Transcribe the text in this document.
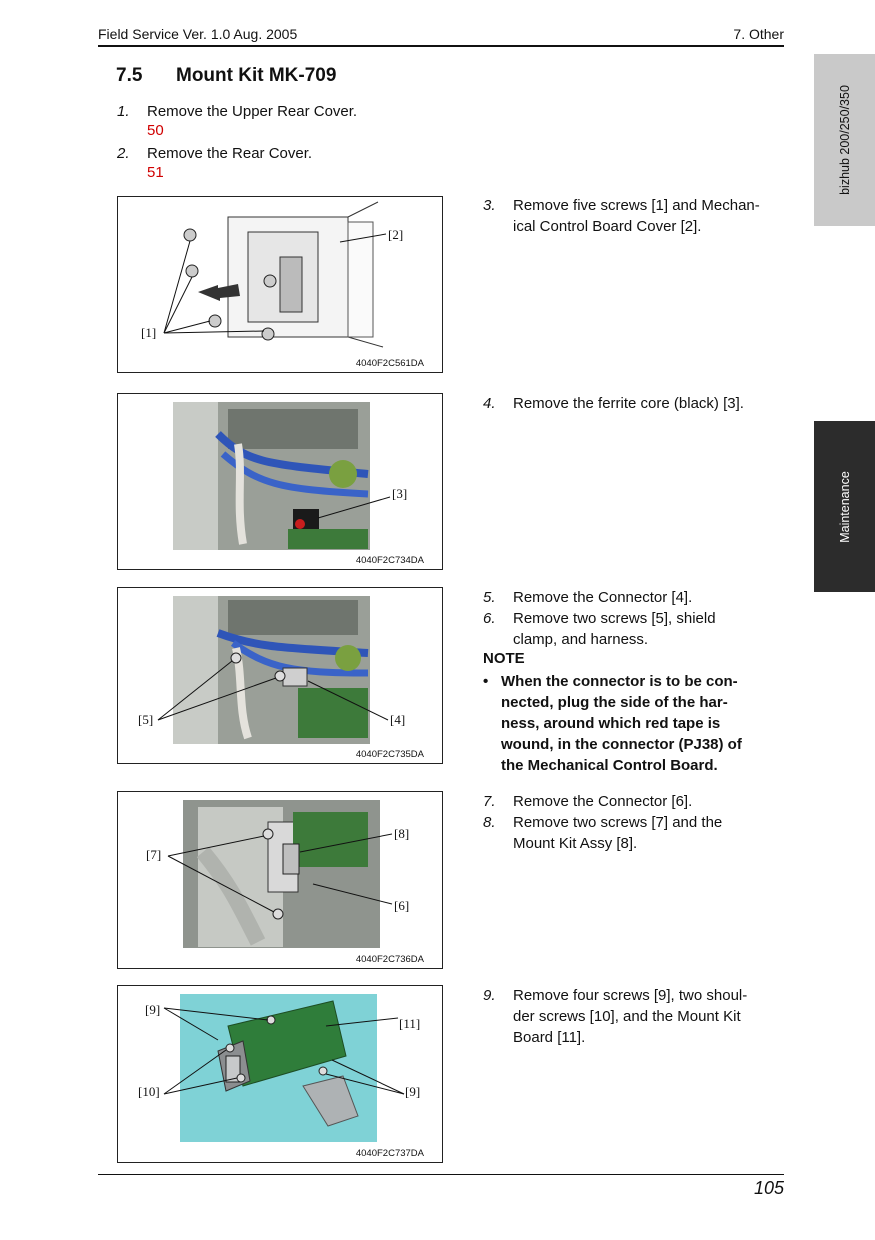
Field Service Ver. 1.0 Aug. 2005	7. Other
bizhub 200/250/350
Maintenance
7.5 Mount Kit MK-709
1. Remove the Upper Rear Cover.
50
2. Remove the Rear Cover.
51
[2]
[1]
4040F2C561DA
3. Remove five screws [1] and Mechan-
ical Control Board Cover [2].
[3]
4040F2C734DA
4. Remove the ferrite core (black) [3].
[5]	[4]
4040F2C735DA
5. Remove the Connector [4].
6. Remove two screws [5], shield
clamp, and harness.
NOTE
• When the connector is to be con-
nected, plug the side of the har-
ness, around which red tape is
wound, in the connector (PJ38) of
the Mechanical Control Board.
[8]
[7]
[6]
4040F2C736DA
7. Remove the Connector [6].
8. Remove two screws [7] and the
Mount Kit Assy [8].
[9]
[11]
[10]	[9]
4040F2C737DA
9. Remove four screws [9], two shoul-
der screws [10], and the Mount Kit
Board [11].
105
